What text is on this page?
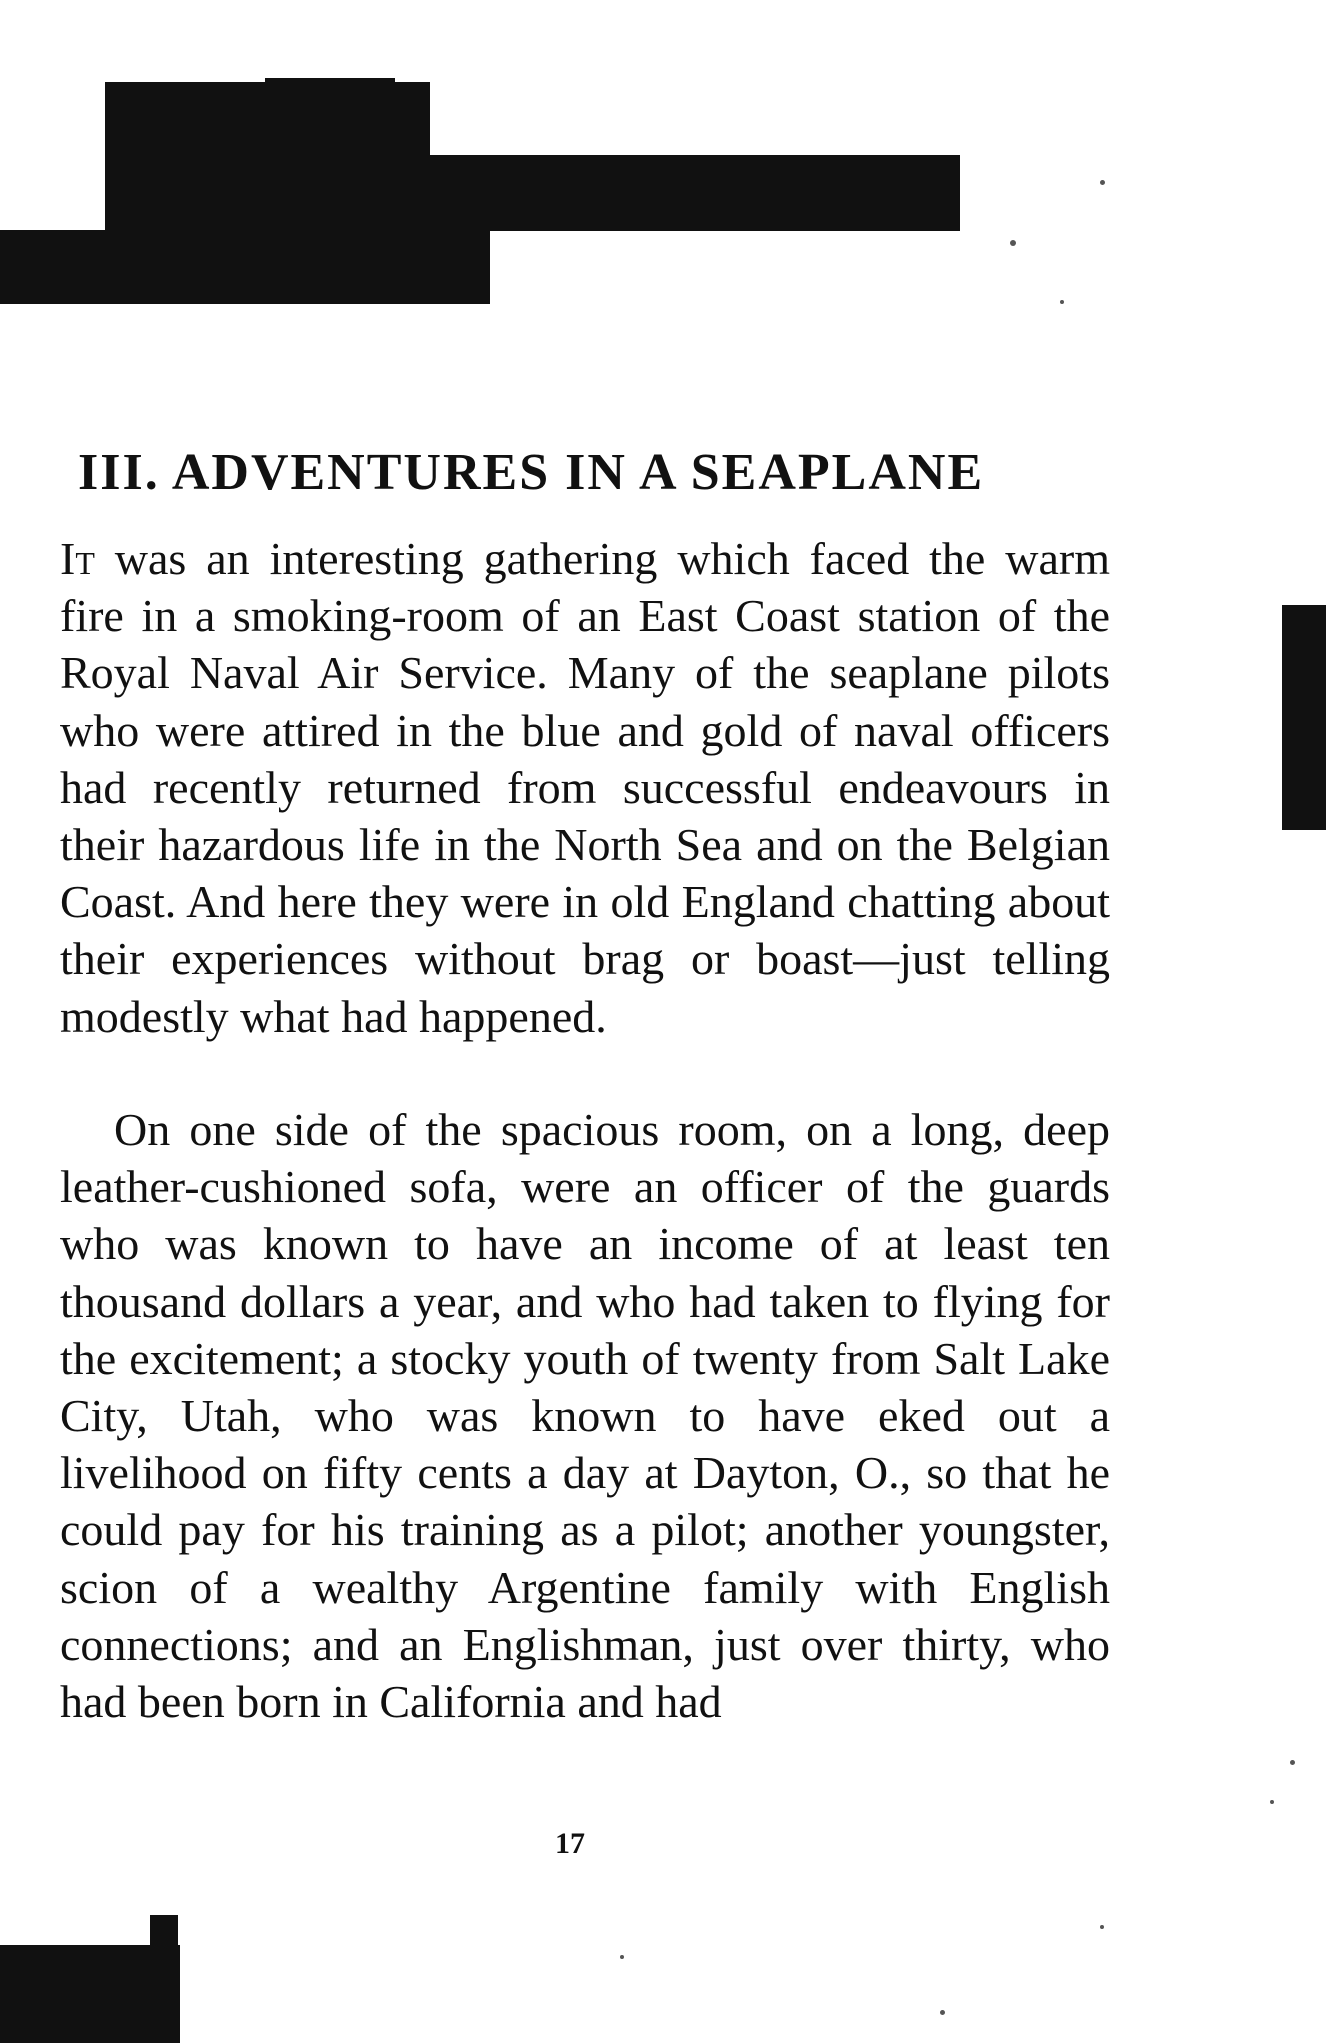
III. ADVENTURES IN A SEAPLANE

It was an interesting gathering which faced the warm fire in a smoking-room of an East Coast station of the Royal Naval Air Service. Many of the seaplane pilots who were attired in the blue and gold of naval officers had recently returned from successful endeavours in their hazardous life in the North Sea and on the Belgian Coast. And here they were in old England chatting about their experiences without brag or boast—just telling modestly what had happened.

On one side of the spacious room, on a long, deep leather-cushioned sofa, were an officer of the guards who was known to have an income of at least ten thousand dollars a year, and who had taken to flying for the excitement; a stocky youth of twenty from Salt Lake City, Utah, who was known to have eked out a livelihood on fifty cents a day at Dayton, O., so that he could pay for his training as a pilot; another youngster, scion of a wealthy Argentine family with English connections; and an Englishman, just over thirty, who had been born in California and had

17
